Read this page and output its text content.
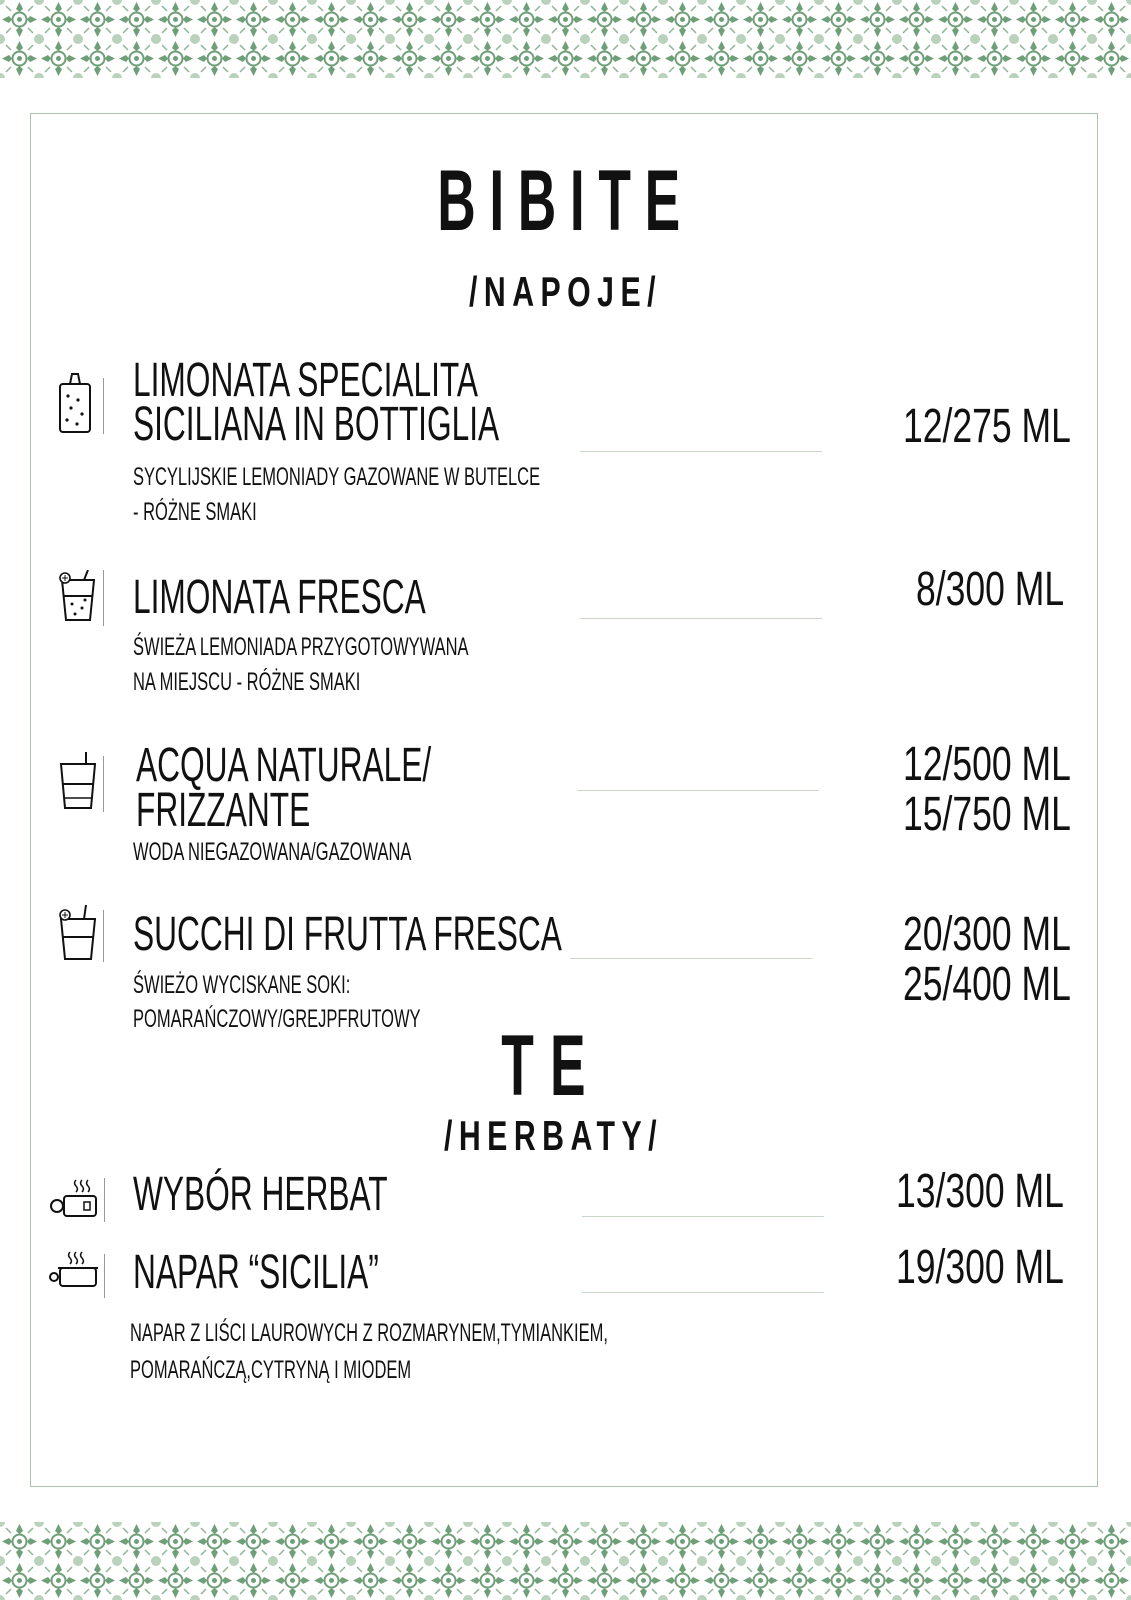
BIBITE
/NAPOJE/
LIMONATA SPECIALITA
SICILIANA IN BOTTIGLIA
SYCYLIJSKIE LEMONIADY GAZOWANE W BUTELCE
- RÓŻNE SMAKI
12/275 ML
LIMONATA FRESCA
ŚWIEŻA LEMONIADA PRZYGOTOWYWANA
NA MIEJSCU - RÓŻNE SMAKI
8/300 ML
ACQUA NATURALE/
FRIZZANTE
WODA NIEGAZOWANA/GAZOWANA
12/500 ML
15/750 ML
SUCCHI DI FRUTTA FRESCA
ŚWIEŻO WYCISKANE SOKI:
POMARAŃCZOWY/GREJPFRUTOWY
20/300 ML
25/400 ML
TE
/HERBATY/
WYBÓR HERBAT	13/300 ML
NAPAR “SICILIA”
NAPAR Z LIŚCI LAUROWYCH Z ROZMARYNEM,TYMIANKIEM,
POMARAŃCZĄ,CYTRYNĄ I MIODEM
19/300 ML
